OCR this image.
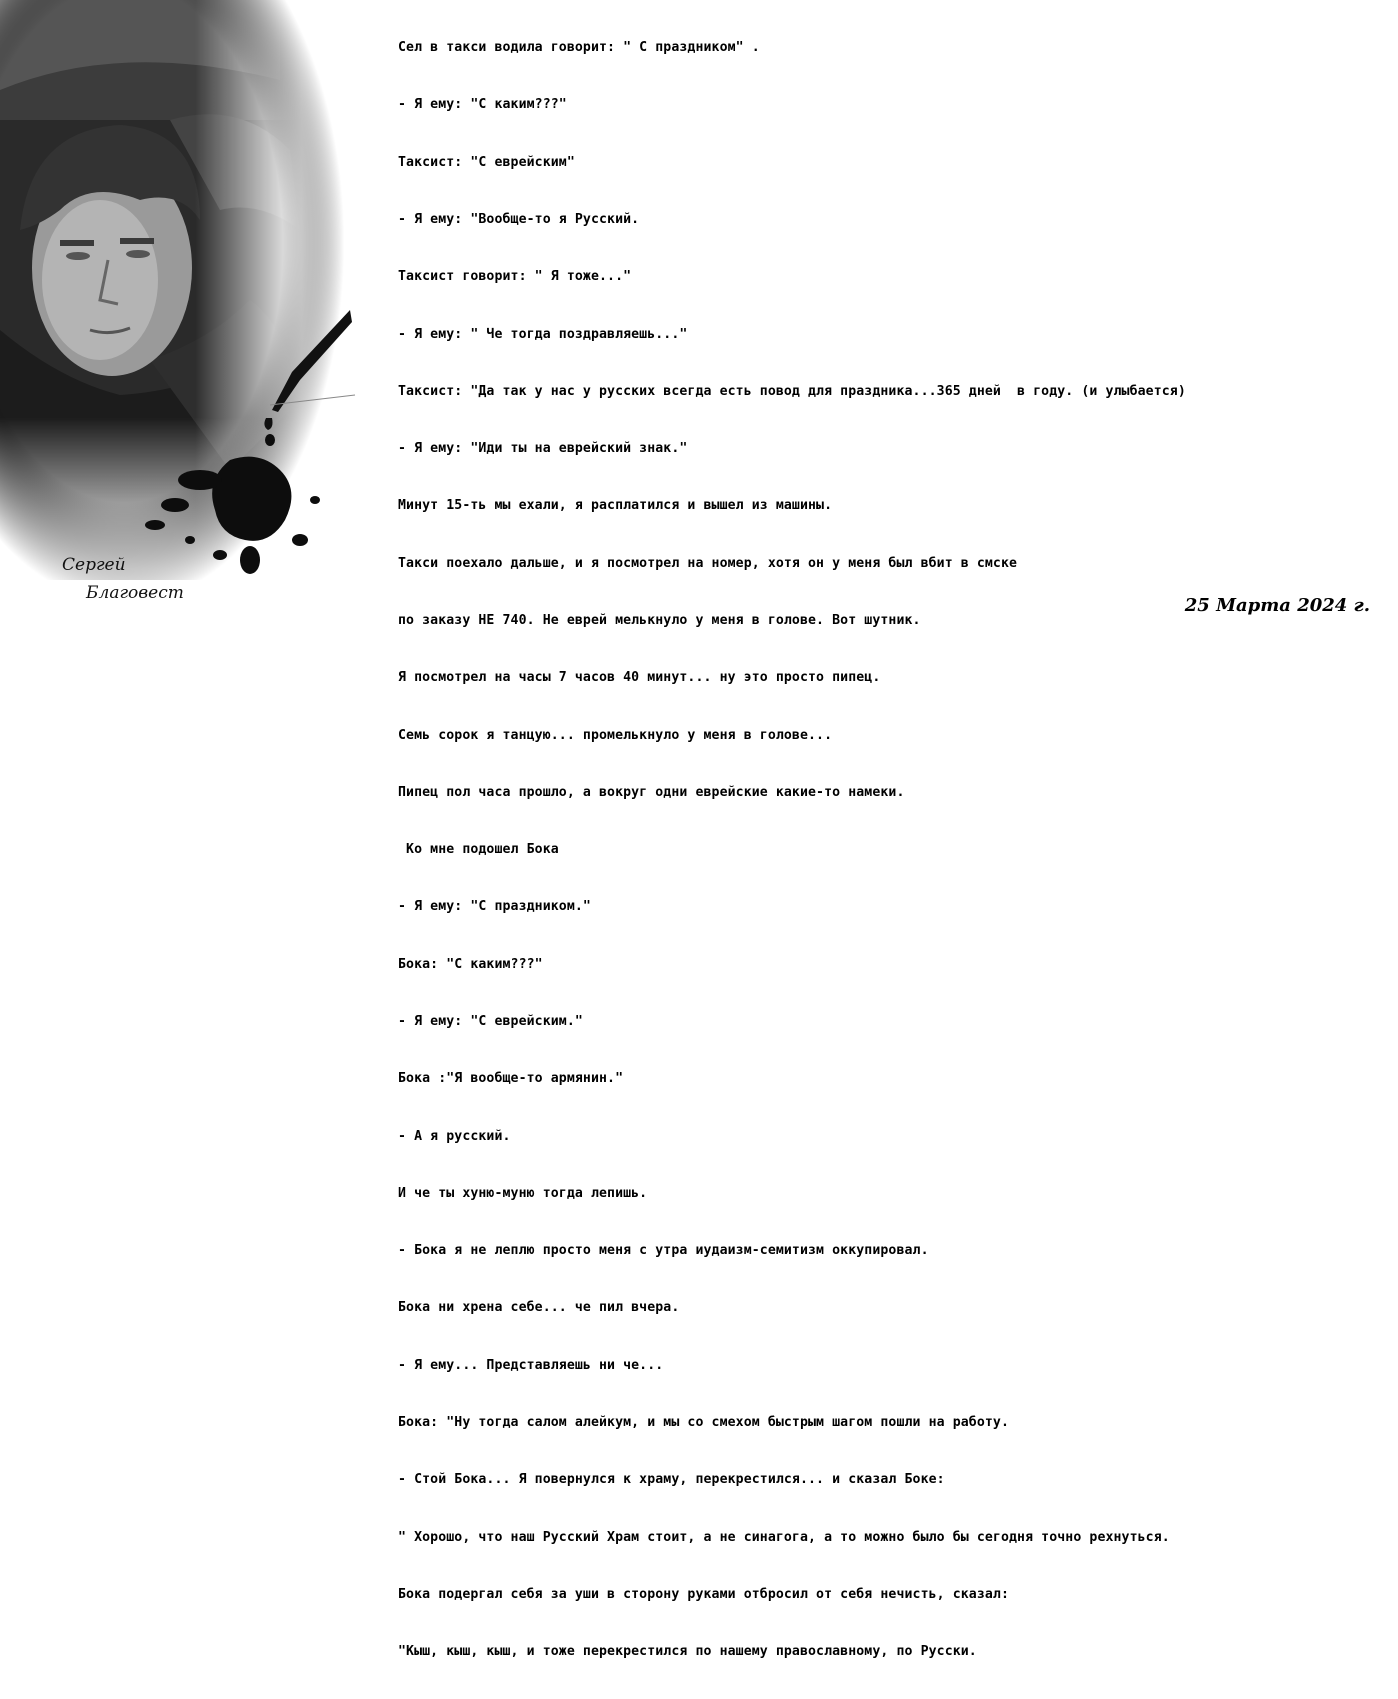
Сергей
Благовест

Сел в такси водила говорит: " С праздником" .

- Я ему: "С каким???"

Таксист: "С еврейским"

- Я ему: "Вообще-то я Русский.

Таксист говорит: " Я тоже..."

- Я ему: " Че тогда поздравляешь..."

Таксист: "Да так у нас у русских всегда есть повод для праздника...365 дней  в году. (и улыбается)

- Я ему: "Иди ты на еврейский знак."

Минут 15-ть мы ехали, я расплатился и вышел из машины.

Такси поехало дальше, и я посмотрел на номер, хотя он у меня был вбит в смске

по заказу НЕ 740. Не еврей мелькнуло у меня в голове. Вот шутник.

Я посмотрел на часы 7 часов 40 минут... ну это просто пипец.

Семь сорок я танцую... промелькнуло у меня в голове...

Пипец пол часа прошло, а вокруг одни еврейские какие-то намеки.

Ко мне подошел Бока

- Я ему: "С праздником."

Бока: "С каким???"

- Я ему: "С еврейским."

Бока :"Я вообще-то армянин."

- А я русский.

И че ты хуню-муню тогда лепишь.

- Бока я не леплю просто меня с утра иудаизм-семитизм оккупировал.

Бока ни хрена себе... че пил вчера.

- Я ему... Представляешь ни че...

Бока: "Ну тогда салом алейкум, и мы со смехом быстрым шагом пошли на работу.

- Стой Бока... Я повернулся к храму, перекрестился... и сказал Боке:

" Хорошо, что наш Русский Храм стоит, а не синагога, а то можно было бы сегодня точно рехнуться.

Бока подергал себя за уши в сторону руками отбросил от себя нечисть, сказал:

"Кыш, кыш, кыш, и тоже перекрестился по нашему православному, по Русски.

25 Марта 2024 г.
